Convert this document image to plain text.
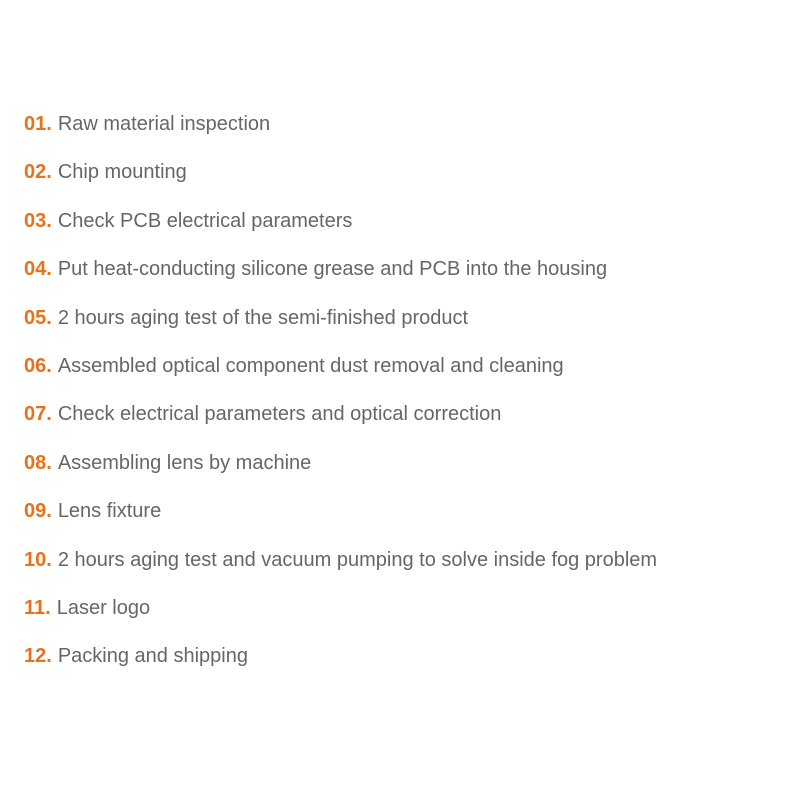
01. Raw material inspection
02. Chip mounting
03. Check PCB electrical parameters
04. Put heat-conducting silicone grease and PCB into the housing
05. 2 hours aging test of the semi-finished product
06. Assembled optical component dust removal and cleaning
07. Check electrical parameters and optical correction
08. Assembling lens by machine
09. Lens fixture
10. 2 hours aging test and vacuum pumping to solve inside fog problem
11. Laser logo
12. Packing and shipping
